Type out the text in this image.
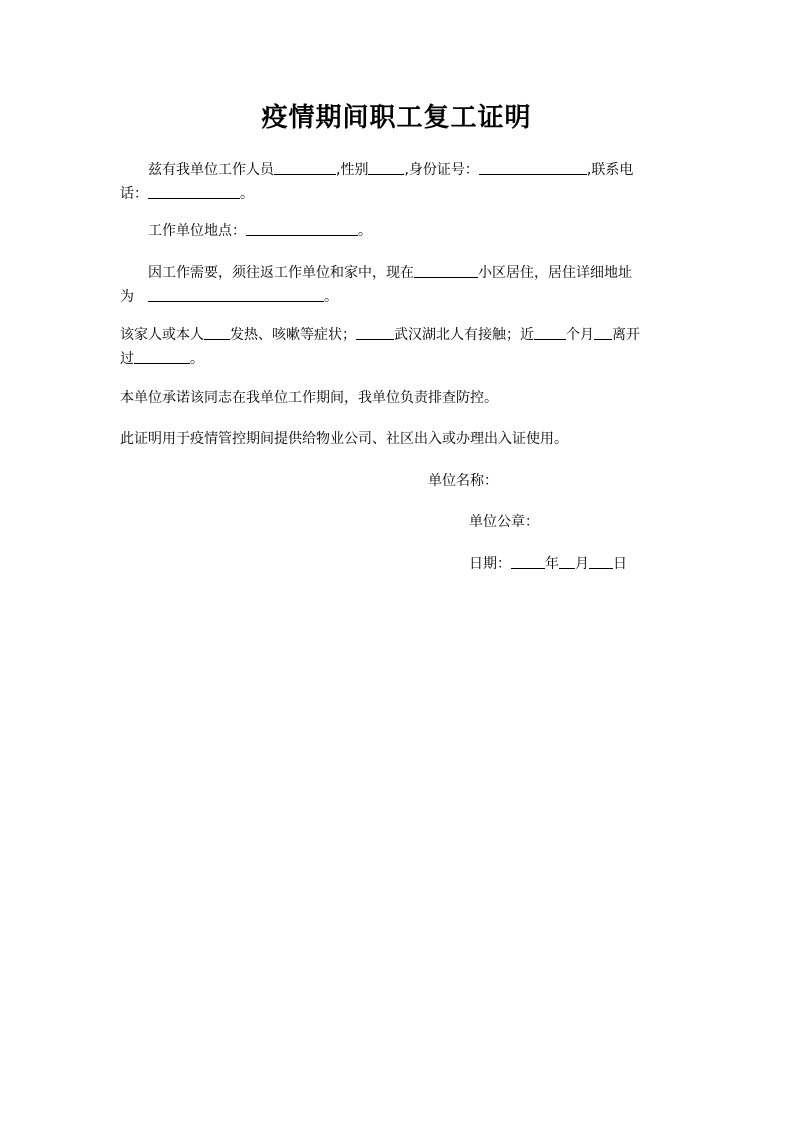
疫情期间职工复工证明
兹有我单位工作人员	,性别	,身份证号：	,联系电
话：	。
工作单位地点：	。
因工作需要，须往返工作单位和家中，现在	小区居住，居住详细地址
为	。
该家人或本人 发热、咳嗽等症状；	武汉湖北人有接触；近 个月 离开
过	。
本单位承诺该同志在我单位工作期间，我单位负责排查防控。
此证明用于疫情管控期间提供给物业公司、社区出入或办理出入证使用。
单位名称：
单位公章：
日期： 年 月 日
